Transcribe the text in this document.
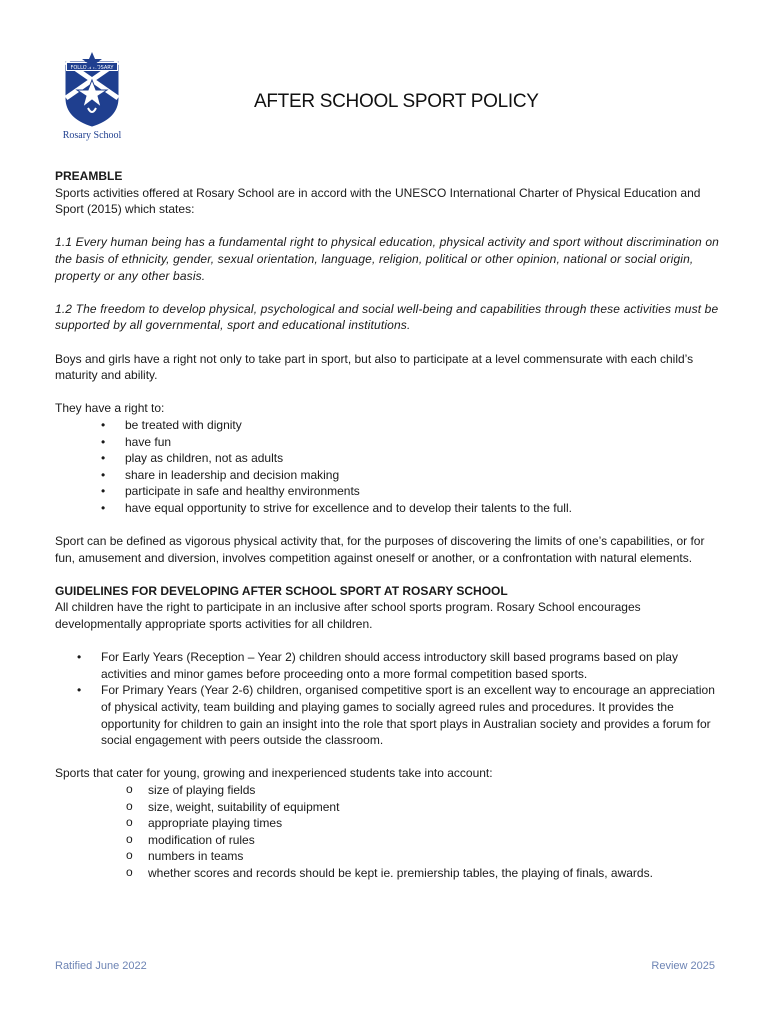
FOLLOW ROSARY
Rosary School
AFTER SCHOOL SPORT POLICY

PREAMBLE

Sports activities offered at Rosary School are in accord with the UNESCO International Charter of Physical Education and Sport (2015) which states:

1.1 Every human being has a fundamental right to physical education, physical activity and sport without discrimination on the basis of ethnicity, gender, sexual orientation, language, religion, political or other opinion, national or social origin, property or any other basis.

1.2 The freedom to develop physical, psychological and social well-being and capabilities through these activities must be supported by all governmental, sport and educational institutions.

Boys and girls have a right not only to take part in sport, but also to participate at a level commensurate with each child’s maturity and ability.

They have a right to:

• be treated with dignity
• have fun
• play as children, not as adults
• share in leadership and decision making
• participate in safe and healthy environments
• have equal opportunity to strive for excellence and to develop their talents to the full.

Sport can be defined as vigorous physical activity that, for the purposes of discovering the limits of one’s capabilities, or for fun, amusement and diversion, involves competition against oneself or another, or a confrontation with natural elements.

GUIDELINES FOR DEVELOPING AFTER SCHOOL SPORT AT ROSARY SCHOOL

All children have the right to participate in an inclusive after school sports program. Rosary School encourages developmentally appropriate sports activities for all children.

• For Early Years (Reception – Year 2) children should access introductory skill based programs based on play activities and minor games before proceeding onto a more formal competition based sports.
• For Primary Years (Year 2-6) children, organised competitive sport is an excellent way to encourage an appreciation of physical activity, team building and playing games to socially agreed rules and procedures. It provides the opportunity for children to gain an insight into the role that sport plays in Australian society and provides a forum for social engagement with peers outside the classroom.

Sports that cater for young, growing and inexperienced students take into account:

o size of playing fields
o size, weight, suitability of equipment
o appropriate playing times
o modification of rules
o numbers in teams
o whether scores and records should be kept ie. premiership tables, the playing of finals, awards.
Ratified June 2022	Review 2025
